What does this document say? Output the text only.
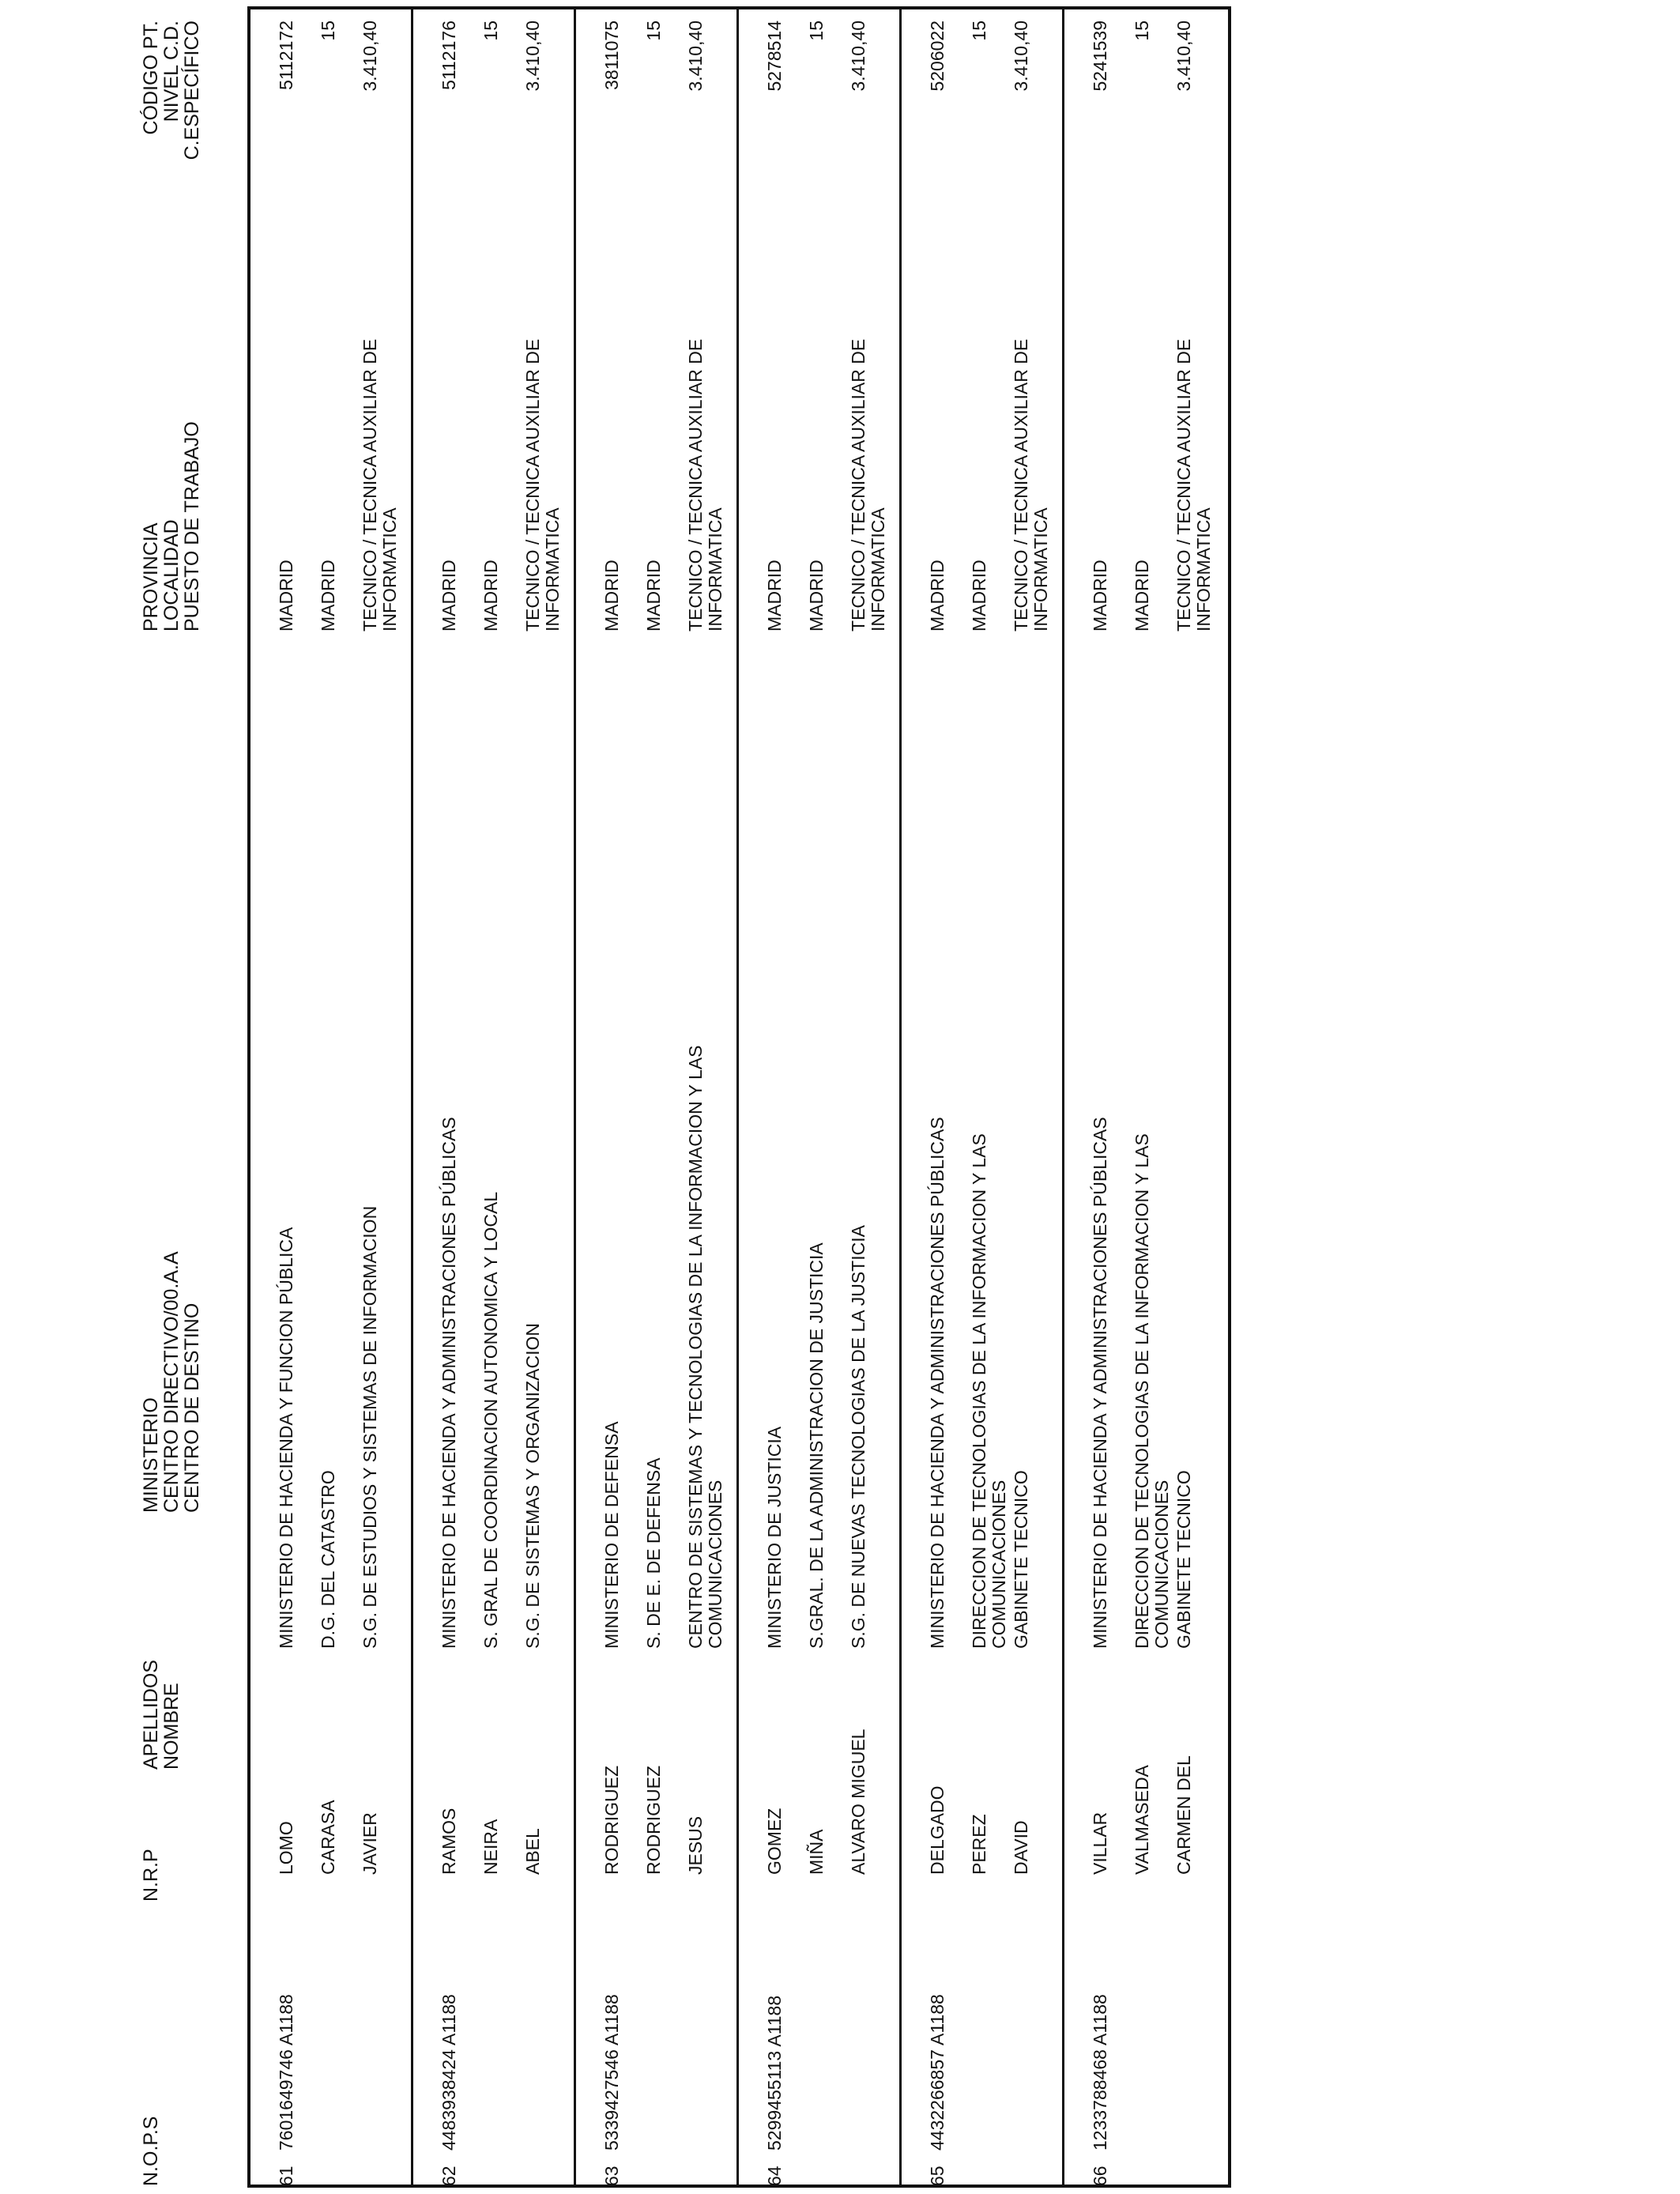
N.O.P.S
N.R.P
APELLIDOS
NOMBRE
MINISTERIO
CENTRO DIRECTIVO/00.A.A
CENTRO DE DESTINO
PROVINCIA
LOCALIDAD
PUESTO DE TRABAJO
CÓDIGO PT.
NIVEL C.D.
C.ESPECÍFICO
61
7601649746 A1188
LOMO CARASA JAVIER
MINISTERIO DE HACIENDA Y FUNCION PÚBLICA D.G. DEL CATASTRO S.G. DE ESTUDIOS Y SISTEMAS DE INFORMACION
MADRID MADRID TECNICO / TECNICA AUXILIAR DE
INFORMATICA
5112172 15 3.410,40
62
4483938424 A1188
RAMOS NEIRA ABEL
MINISTERIO DE HACIENDA Y ADMINISTRACIONES PÚBLICAS S. GRAL DE COORDINACION AUTONOMICA Y LOCAL S.G. DE SISTEMAS Y ORGANIZACION
MADRID MADRID TECNICO / TECNICA AUXILIAR DE
INFORMATICA
5112176 15 3.410,40
63
5339427546 A1188
RODRIGUEZ RODRIGUEZ JESUS
MINISTERIO DE DEFENSA S. DE E. DE DEFENSA CENTRO DE SISTEMAS Y TECNOLOGIAS DE LA INFORMACION Y LAS
COMUNICACIONES
MADRID MADRID TECNICO / TECNICA AUXILIAR DE
INFORMATICA
3811075 15 3.410,40
64
5299455113 A1188
GOMEZ MIÑA ALVARO MIGUEL
MINISTERIO DE JUSTICIA S.GRAL. DE LA ADMINISTRACION DE JUSTICIA S.G. DE NUEVAS TECNOLOGIAS DE LA JUSTICIA
MADRID MADRID TECNICO / TECNICA AUXILIAR DE
INFORMATICA
5278514 15 3.410,40
65
4432266857 A1188
DELGADO PEREZ DAVID
MINISTERIO DE HACIENDA Y ADMINISTRACIONES PÚBLICAS DIRECCION DE TECNOLOGIAS DE LA INFORMACION Y LAS
COMUNICACIONES GABINETE TECNICO
MADRID MADRID TECNICO / TECNICA AUXILIAR DE
INFORMATICA
5206022 15 3.410,40
66
1233788468 A1188
VILLAR VALMASEDA CARMEN DEL
MINISTERIO DE HACIENDA Y ADMINISTRACIONES PÚBLICAS DIRECCION DE TECNOLOGIAS DE LA INFORMACION Y LAS
COMUNICACIONES GABINETE TECNICO
MADRID MADRID TECNICO / TECNICA AUXILIAR DE
INFORMATICA
5241539 15 3.410,40
